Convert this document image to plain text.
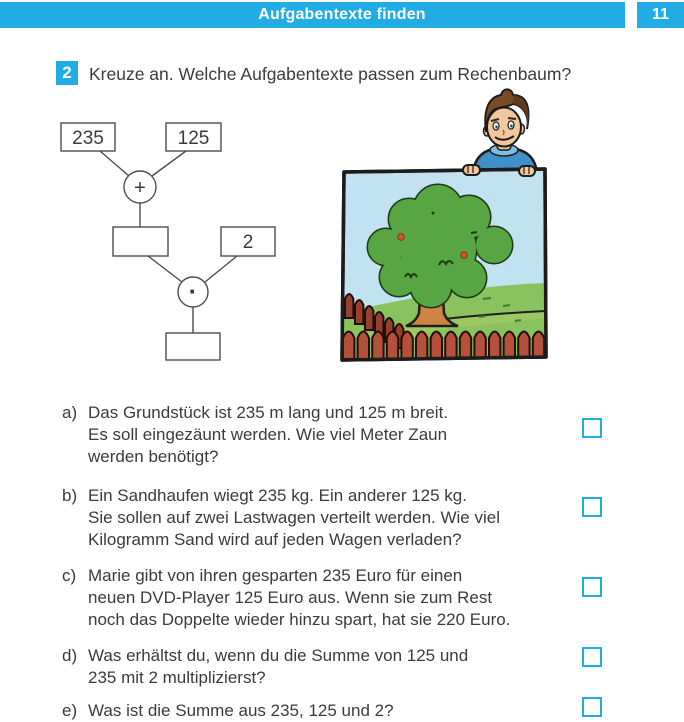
Aufgabentexte finden	11
2 Kreuze an. Welche Aufgabentexte passen zum Rechenbaum?
235	125
+
2
·
a) Das Grundstück ist 235 m lang und 125 m breit.
Es soll eingezäunt werden. Wie viel Meter Zaun
werden benötigt?
b) Ein Sandhaufen wiegt 235 kg. Ein anderer 125 kg.
Sie sollen auf zwei Lastwagen verteilt werden. Wie viel
Kilogramm Sand wird auf jeden Wagen verladen?
c) Marie gibt von ihren gesparten 235 Euro für einen
neuen DVD-Player 125 Euro aus. Wenn sie zum Rest
noch das Doppelte wieder hinzu spart, hat sie 220 Euro.
d) Was erhältst du, wenn du die Summe von 125 und
235 mit 2 multiplizierst?
e) Was ist die Summe aus 235, 125 und 2?
